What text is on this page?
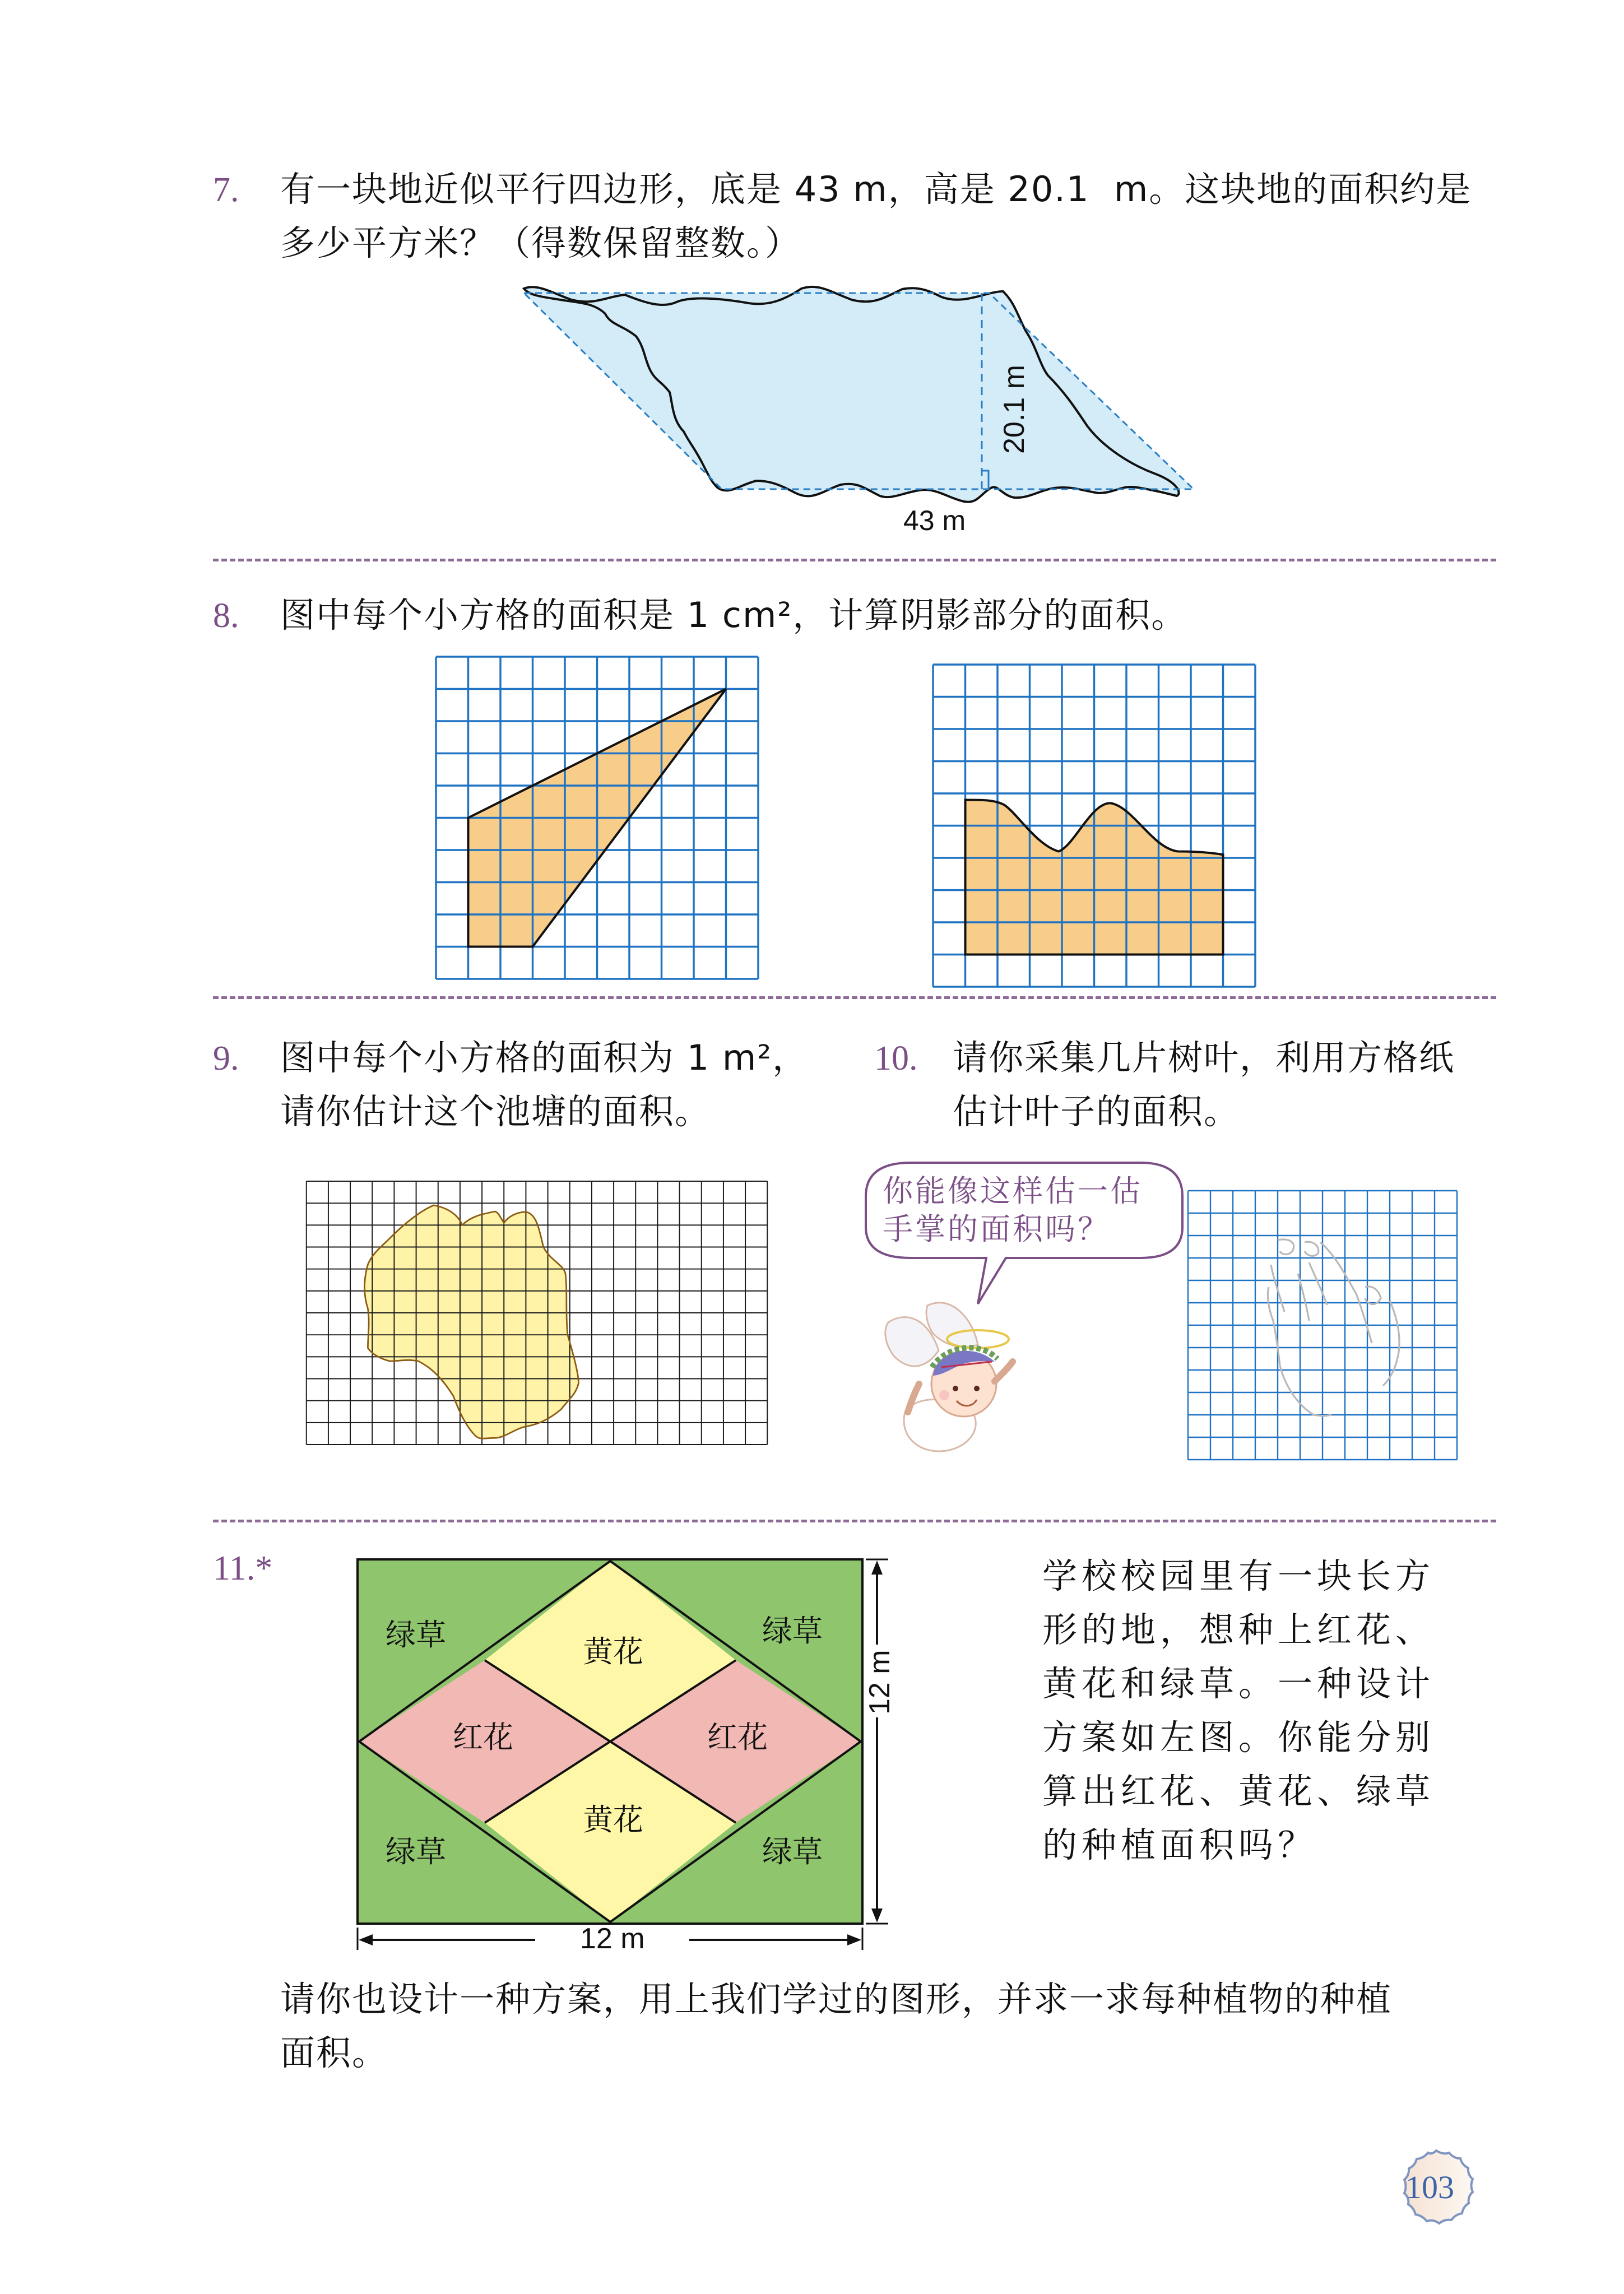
7. 有一块地近似平行四边形，底是 43 m，高是 20.1  m。这块地的面积约是
多少平方米？（得数保留整数。）
20.1 m
43 m
8. 图中每个小方格的面积是 1 cm²，计算阴影部分的面积。
9. 图中每个小方格的面积为 1 m²，
请你估计这个池塘的面积。
10. 请你采集几片树叶，利用方格纸
估计叶子的面积。
你能像这样估一估
手掌的面积吗？
11.*
绿草	绿草
黄花
红花	红花
黄花
绿草	绿草
12 m
12 m
学校校园里有一块长方
形的地，想种上红花、
黄花和绿草。一种设计
方案如左图。你能分别
算出红花、黄花、绿草
的种植面积吗？
请你也设计一种方案，用上我们学过的图形，并求一求每种植物的种植
面积。
103
